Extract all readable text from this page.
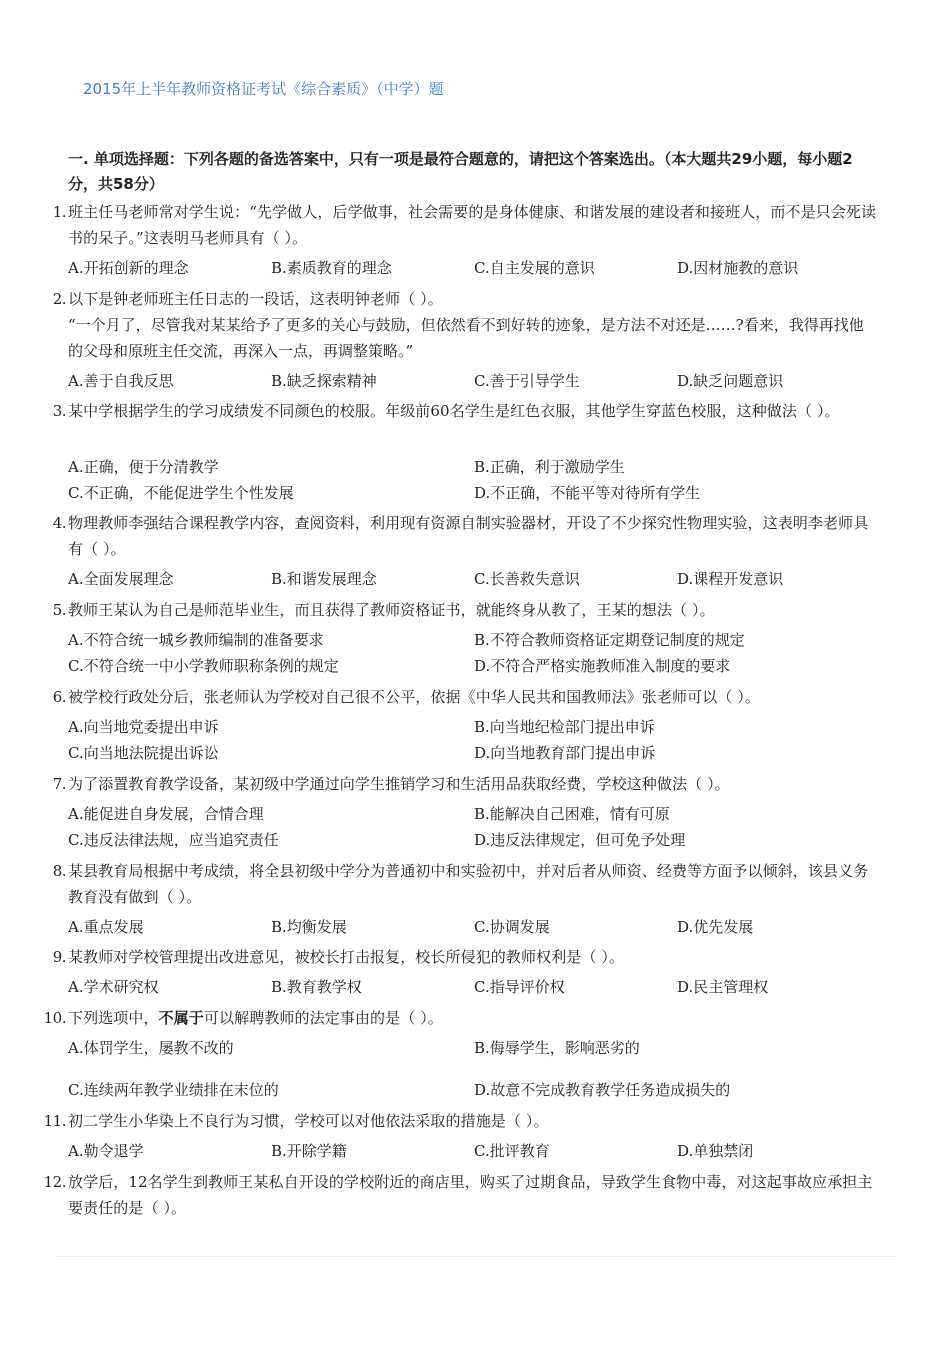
2015年上半年教师资格证考试《综合素质》（中学）题
一. 单项选择题：下列各题的备选答案中，只有一项是最符合题意的，请把这个答案选出。（本大题共29小题，每小题2分，共58分）
1. 班主任马老师常对学生说：“先学做人，后学做事，社会需要的是身体健康、和谐发展的建设者和接班人，而不是只会死读书的呆子。”这表明马老师具有（ ）。
A.开拓创新的理念	B.素质教育的理念	C.自主发展的意识	D.因材施教的意识
2. 以下是钟老师班主任日志的一段话，这表明钟老师（ ）。
“一个月了，尽管我对某某给予了更多的关心与鼓励，但依然看不到好转的迹象，是方法不对还是……?看来，我得再找他的父母和原班主任交流，再深入一点，再调整策略。”
A.善于自我反思	B.缺乏探索精神	C.善于引导学生	D.缺乏问题意识
3. 某中学根据学生的学习成绩发不同颜色的校服。年级前60名学生是红色衣服，其他学生穿蓝色校服，这种做法（ ）。
A.正确，便于分清教学	B.正确，利于激励学生
C.不正确，不能促进学生个性发展	D.不正确，不能平等对待所有学生
4. 物理教师李强结合课程教学内容，查阅资料，利用现有资源自制实验器材，开设了不少探究性物理实验，这表明李老师具有（ ）。
A.全面发展理念	B.和谐发展理念	C.长善救失意识	D.课程开发意识
5. 教师王某认为自己是师范毕业生，而且获得了教师资格证书，就能终身从教了，王某的想法（ ）。
A.不符合统一城乡教师编制的准备要求	B.不符合教师资格证定期登记制度的规定
C.不符合统一中小学教师职称条例的规定	D.不符合严格实施教师准入制度的要求
6. 被学校行政处分后，张老师认为学校对自己很不公平，依据《中华人民共和国教师法》张老师可以（ ）。
A.向当地党委提出申诉	B.向当地纪检部门提出申诉
C.向当地法院提出诉讼	D.向当地教育部门提出申诉
7. 为了添置教育教学设备，某初级中学通过向学生推销学习和生活用品获取经费，学校这种做法（ ）。
A.能促进自身发展，合情合理	B.能解决自己困难，情有可原
C.违反法律法规，应当追究责任	D.违反法律规定，但可免予处理
8. 某县教育局根据中考成绩，将全县初级中学分为普通初中和实验初中，并对后者从师资、经费等方面予以倾斜，该县义务教育没有做到（ ）。
A.重点发展	B.均衡发展	C.协调发展	D.优先发展
9. 某教师对学校管理提出改进意见，被校长打击报复，校长所侵犯的教师权利是（ ）。
A.学术研究权	B.教育教学权	C.指导评价权	D.民主管理权
10. 下列选项中，不属于可以解聘教师的法定事由的是（ ）。
A.体罚学生，屡教不改的	B.侮辱学生，影响恶劣的
C.连续两年教学业绩排在末位的	D.故意不完成教育教学任务造成损失的
11. 初二学生小华染上不良行为习惯，学校可以对他依法采取的措施是（ ）。
A.勒令退学	B.开除学籍	C.批评教育	D.单独禁闭
12. 放学后，12名学生到教师王某私自开设的学校附近的商店里，购买了过期食品，导致学生食物中毒，对这起事故应承担主要责任的是（ ）。
